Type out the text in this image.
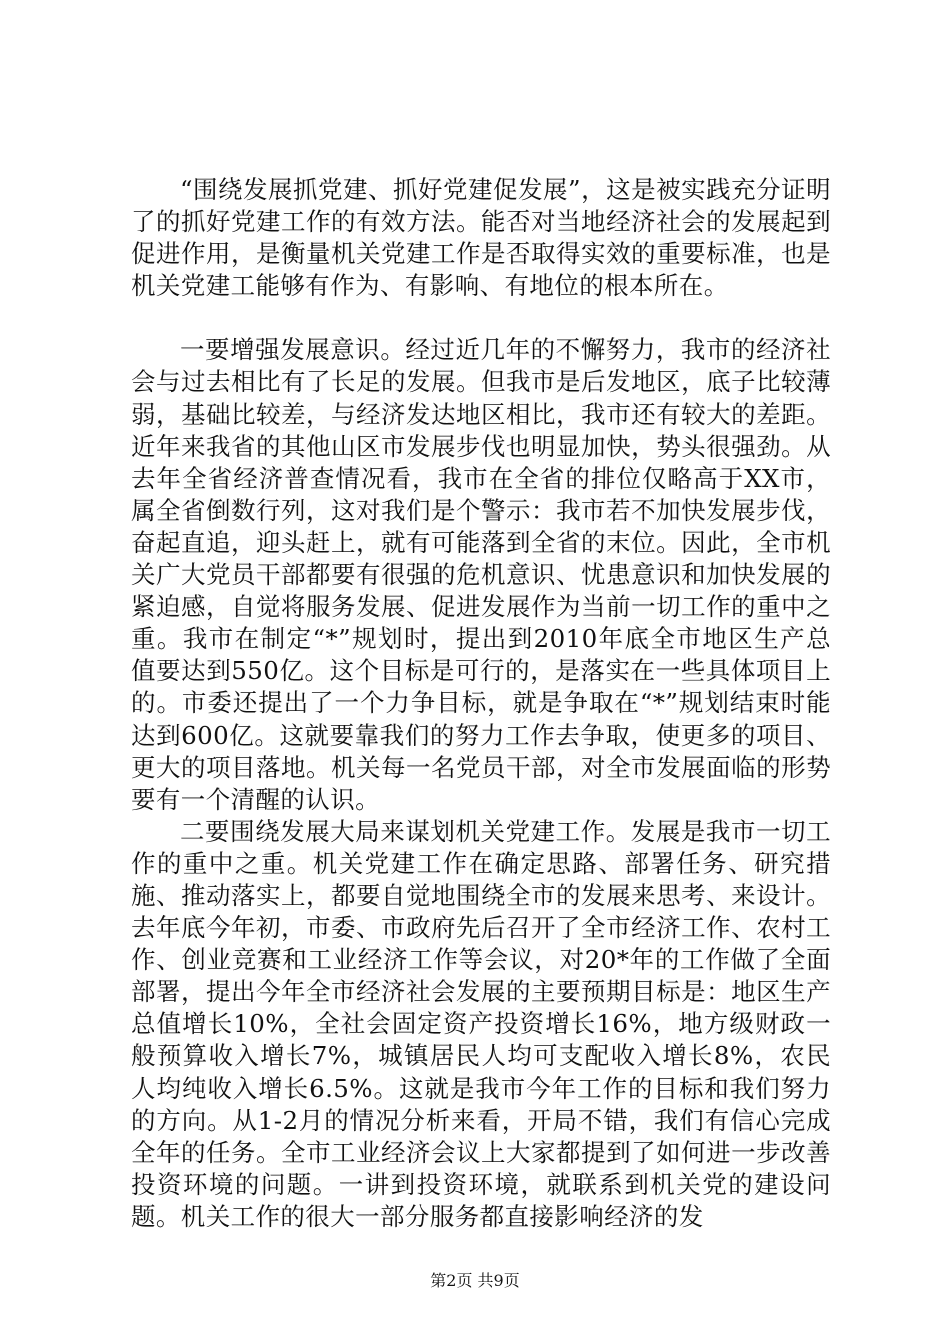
“围绕发展抓党建、抓好党建促发展”，这是被实践充分证明了的抓好党建工作的有效方法。能否对当地经济社会的发展起到促进作用，是衡量机关党建工作是否取得实效的重要标准，也是机关党建工能够有作为、有影响、有地位的根本所在。

一要增强发展意识。经过近几年的不懈努力，我市的经济社会与过去相比有了长足的发展。但我市是后发地区，底子比较薄弱，基础比较差，与经济发达地区相比，我市还有较大的差距。近年来我省的其他山区市发展步伐也明显加快，势头很强劲。从去年全省经济普查情况看，我市在全省的排位仅略高于XX市，属全省倒数行列，这对我们是个警示：我市若不加快发展步伐，奋起直追，迎头赶上，就有可能落到全省的末位。因此，全市机关广大党员干部都要有很强的危机意识、忧患意识和加快发展的紧迫感，自觉将服务发展、促进发展作为当前一切工作的重中之重。我市在制定“*”规划时，提出到2010年底全市地区生产总值要达到550亿。这个目标是可行的，是落实在一些具体项目上的。市委还提出了一个力争目标，就是争取在“*”规划结束时能达到600亿。这就要靠我们的努力工作去争取，使更多的项目、更大的项目落地。机关每一名党员干部，对全市发展面临的形势要有一个清醒的认识。

二要围绕发展大局来谋划机关党建工作。发展是我市一切工作的重中之重。机关党建工作在确定思路、部署任务、研究措施、推动落实上，都要自觉地围绕全市的发展来思考、来设计。去年底今年初，市委、市政府先后召开了全市经济工作、农村工作、创业竞赛和工业经济工作等会议，对20*年的工作做了全面部署，提出今年全市经济社会发展的主要预期目标是：地区生产总值增长10%，全社会固定资产投资增长16%，地方级财政一般预算收入增长7%，城镇居民人均可支配收入增长8%，农民人均纯收入增长6.5%。这就是我市今年工作的目标和我们努力的方向。从1-2月的情况分析来看，开局不错，我们有信心完成全年的任务。全市工业经济会议上大家都提到了如何进一步改善投资环境的问题。一讲到投资环境，就联系到机关党的建设问题。机关工作的很大一部分服务都直接影响经济的发

第2页 共9页
